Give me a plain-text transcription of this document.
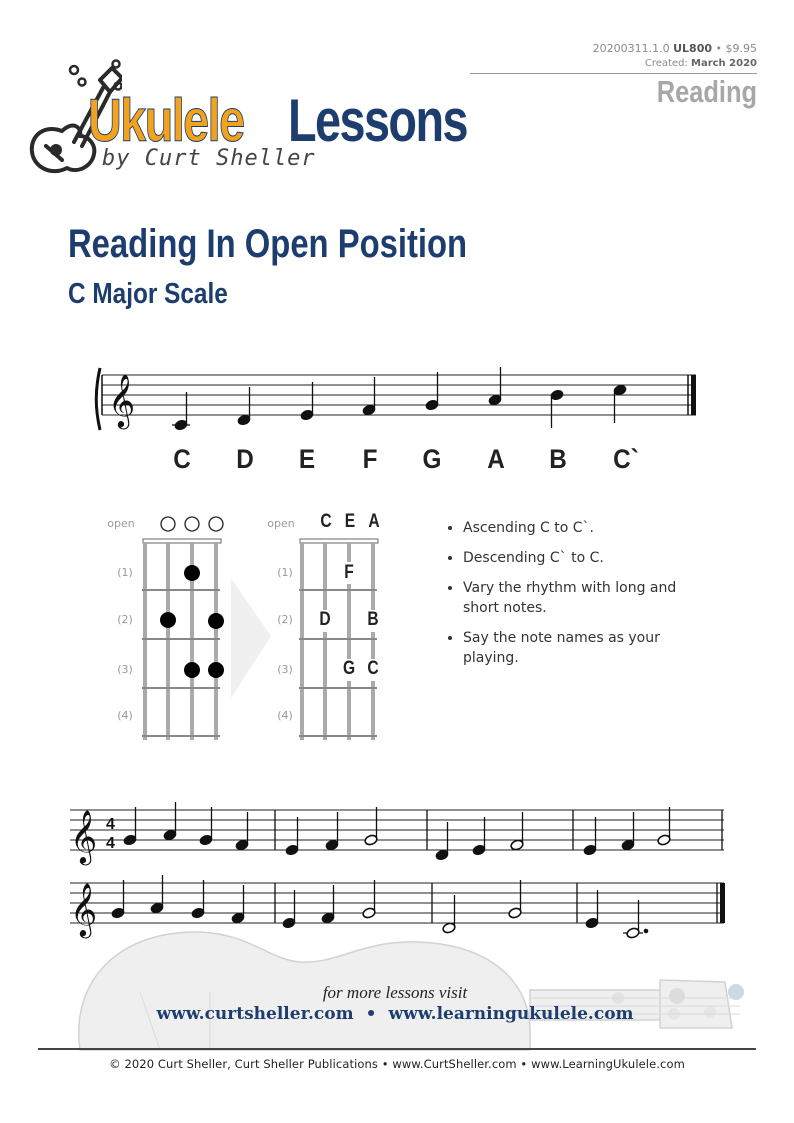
20200311.1.0 UL800 • $9.95
Created: March 2020
Reading
Ukulele Lessons
by Curt Sheller
Reading In Open Position
C Major Scale
𝄞
C	D	E	F	G	A	B	C`
open
(1)
(2)
(3)
(4)
open
(1)
(2)
(3)
(4)
C E A
F
D B
G C
• Ascending C to C`.
• Descending C` to C.
• Vary the rhythm with long and short notes.
• Say the note names as your playing.
𝄞 4
4
𝄞
for more lessons visit
www.curtsheller.com • www.learningukulele.com
© 2020 Curt Sheller, Curt Sheller Publications • www.CurtSheller.com • www.LearningUkulele.com
